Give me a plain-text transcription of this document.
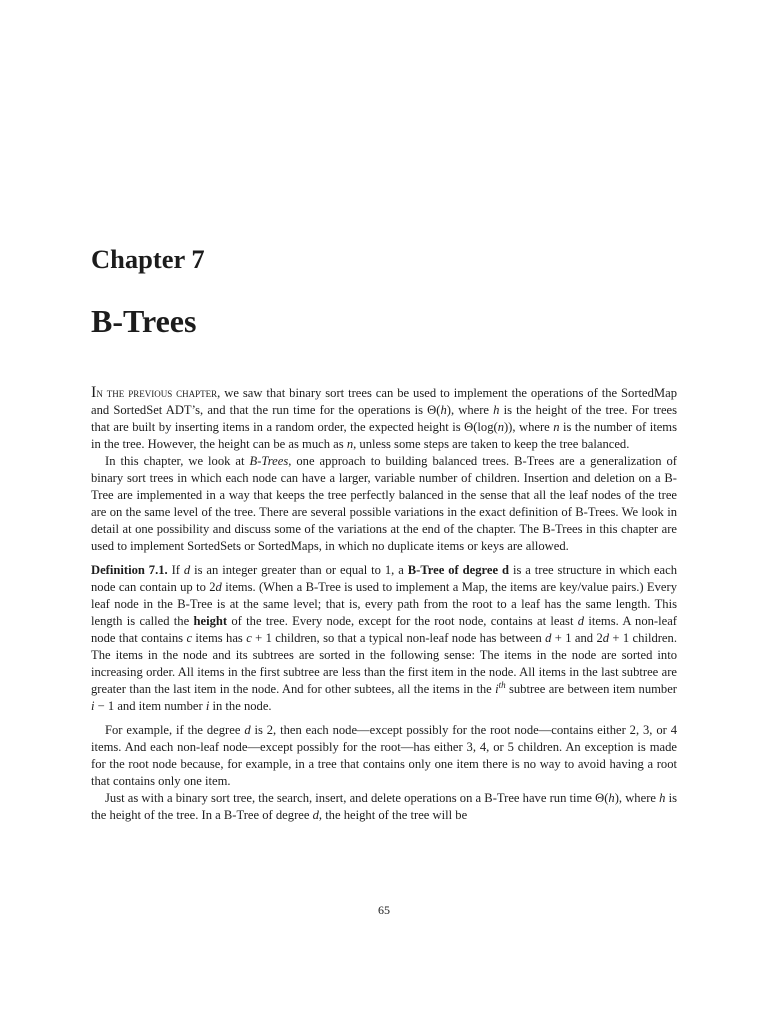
Chapter 7
B-Trees

In the previous chapter, we saw that binary sort trees can be used to implement the operations of the SortedMap and SortedSet ADT’s, and that the run time for the operations is Θ(h), where h is the height of the tree. For trees that are built by inserting items in a random order, the expected height is Θ(log(n)), where n is the number of items in the tree. However, the height can be as much as n, unless some steps are taken to keep the tree balanced.

In this chapter, we look at B-Trees, one approach to building balanced trees. B-Trees are a generalization of binary sort trees in which each node can have a larger, variable number of children. Insertion and deletion on a B-Tree are implemented in a way that keeps the tree perfectly balanced in the sense that all the leaf nodes of the tree are on the same level of the tree. There are several possible variations in the exact definition of B-Trees. We look in detail at one possibility and discuss some of the variations at the end of the chapter. The B-Trees in this chapter are used to implement SortedSets or SortedMaps, in which no duplicate items or keys are allowed.

Definition 7.1. If d is an integer greater than or equal to 1, a B-Tree of degree d is a tree structure in which each node can contain up to 2d items. (When a B-Tree is used to implement a Map, the items are key/value pairs.) Every leaf node in the B-Tree is at the same level; that is, every path from the root to a leaf has the same length. This length is called the height of the tree. Every node, except for the root node, contains at least d items. A non-leaf node that contains c items has c + 1 children, so that a typical non-leaf node has between d + 1 and 2d + 1 children. The items in the node and its subtrees are sorted in the following sense: The items in the node are sorted into increasing order. All items in the first subtree are less than the first item in the node. All items in the last subtree are greater than the last item in the node. And for other subtees, all the items in the $i^{th}$ subtree are between item number i − 1 and item number i in the node.

For example, if the degree d is 2, then each node—except possibly for the root node—contains either 2, 3, or 4 items. And each non-leaf node—except possibly for the root—has either 3, 4, or 5 children. An exception is made for the root node because, for example, in a tree that contains only one item there is no way to avoid having a root that contains only one item.

Just as with a binary sort tree, the search, insert, and delete operations on a B-Tree have run time Θ(h), where h is the height of the tree. In a B-Tree of degree d, the height of the tree will be

65
